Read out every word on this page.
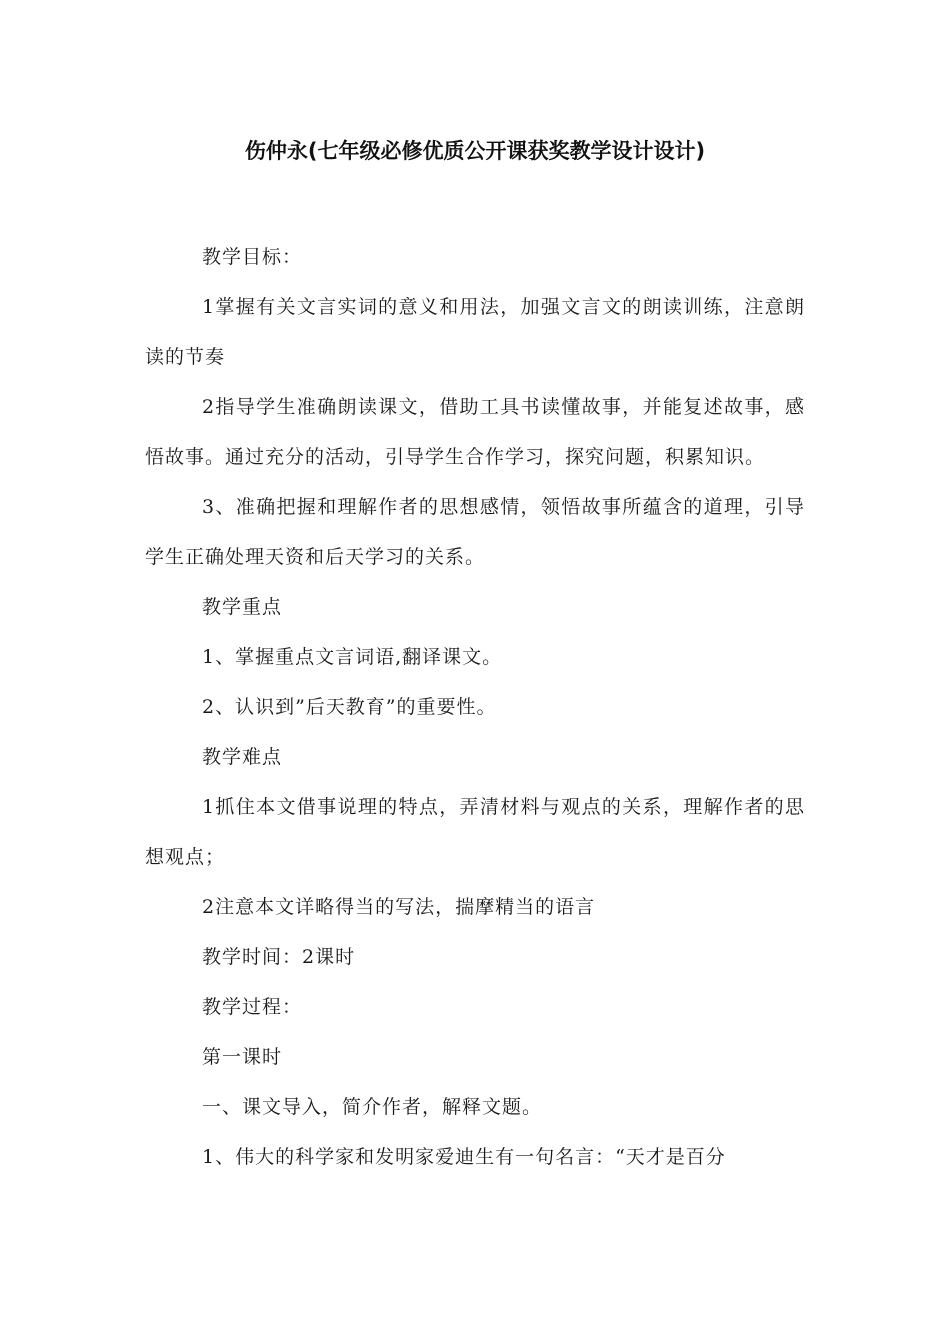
伤仲永(七年级必修优质公开课获奖教学设计设计)

教学目标：

1掌握有关文言实词的意义和用法，加强文言文的朗读训练，注意朗读的节奏

2指导学生准确朗读课文，借助工具书读懂故事，并能复述故事，感悟故事。通过充分的活动，引导学生合作学习，探究问题，积累知识。

3、准确把握和理解作者的思想感情，领悟故事所蕴含的道理，引导学生正确处理天资和后天学习的关系。

教学重点

1、掌握重点文言词语,翻译课文。

2、认识到”后天教育”的重要性。

教学难点

1抓住本文借事说理的特点，弄清材料与观点的关系，理解作者的思想观点；

2注意本文详略得当的写法，揣摩精当的语言

教学时间：2课时

教学过程：

第一课时

一、课文导入，简介作者，解释文题。

1、伟大的科学家和发明家爱迪生有一句名言：“天才是百分
